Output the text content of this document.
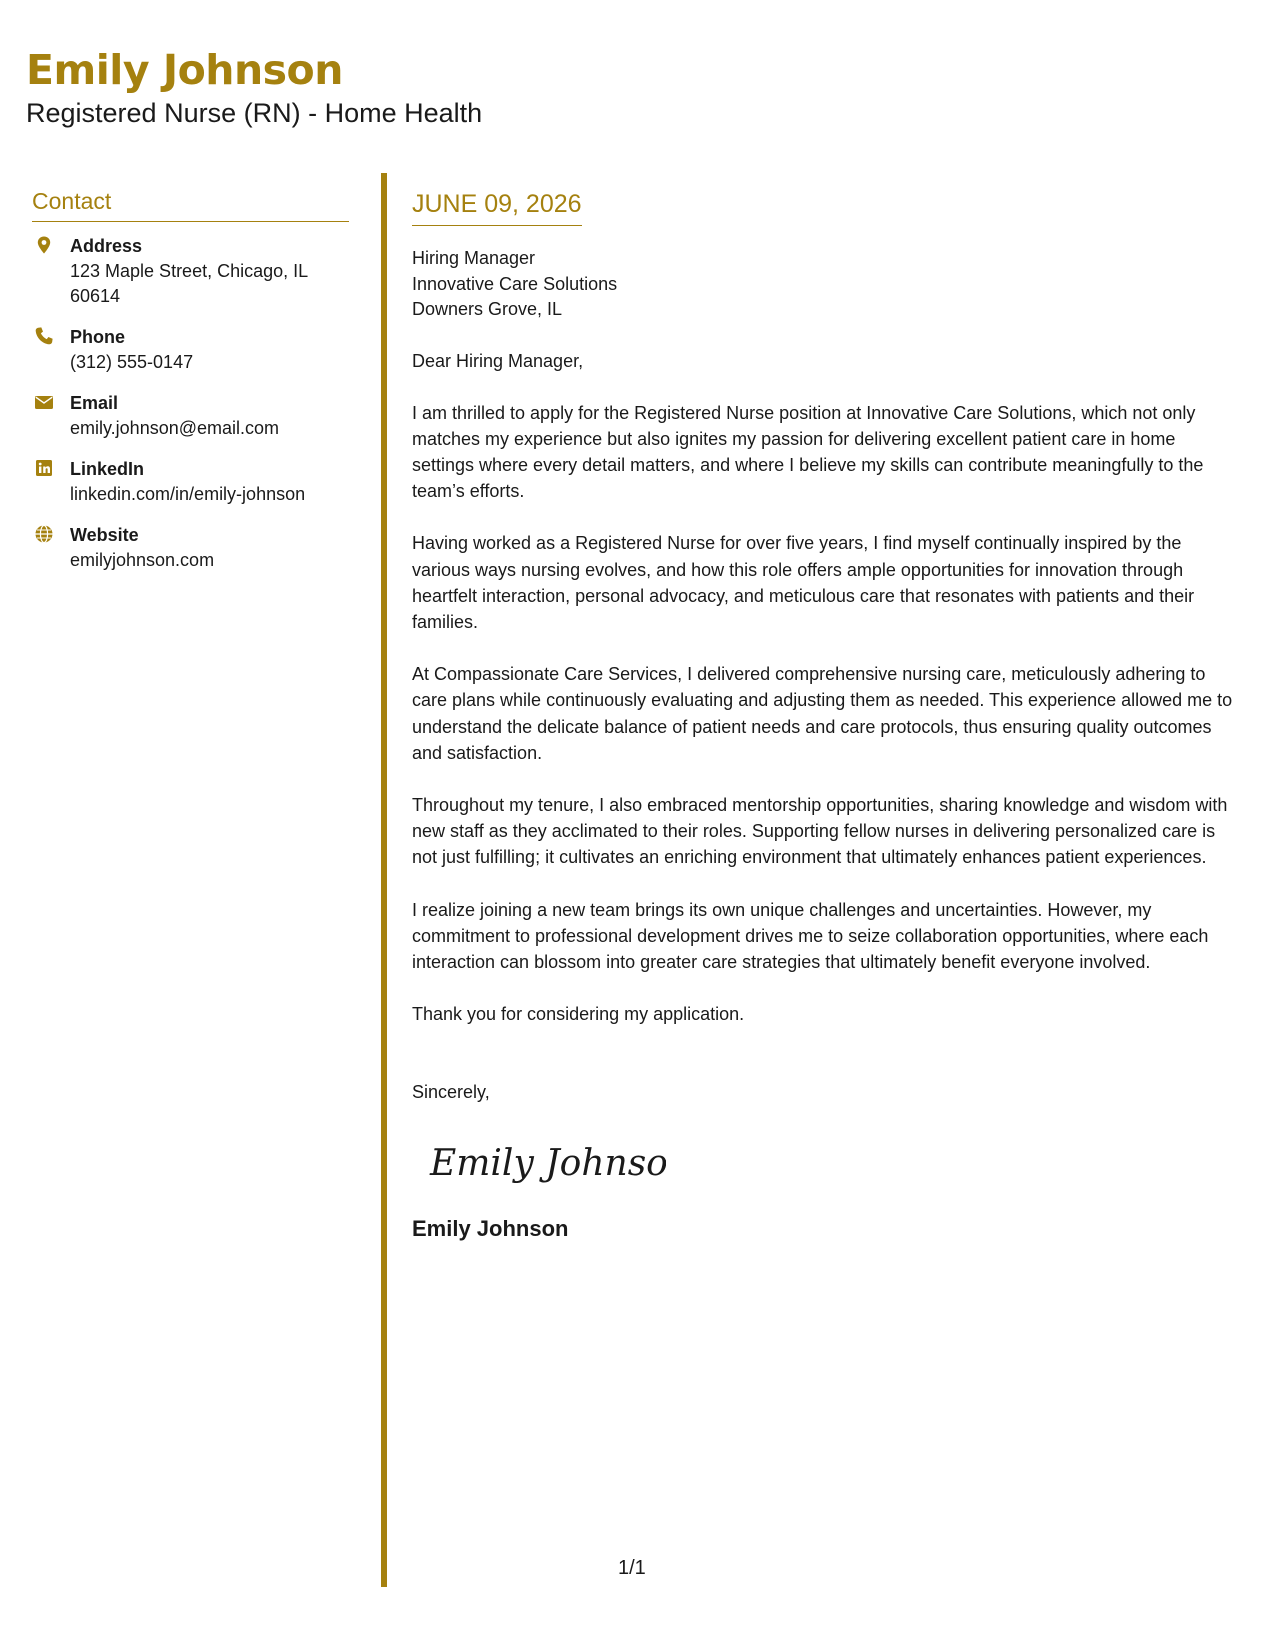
Emily Johnson
Registered Nurse (RN) - Home Health
Contact
Address
123 Maple Street, Chicago, IL 60614
Phone
(312) 555-0147
Email
emily.johnson@email.com
LinkedIn
linkedin.com/in/emily-johnson
Website
emilyjohnson.com
JUNE 09, 2026
Hiring Manager
Innovative Care Solutions
Downers Grove, IL
Dear Hiring Manager,
I am thrilled to apply for the Registered Nurse position at Innovative Care Solutions, which not only matches my experience but also ignites my passion for delivering excellent patient care in home settings where every detail matters, and where I believe my skills can contribute meaningfully to the team’s efforts.
Having worked as a Registered Nurse for over five years, I find myself continually inspired by the various ways nursing evolves, and how this role offers ample opportunities for innovation through heartfelt interaction, personal advocacy, and meticulous care that resonates with patients and their families.
At Compassionate Care Services, I delivered comprehensive nursing care, meticulously adhering to care plans while continuously evaluating and adjusting them as needed. This experience allowed me to understand the delicate balance of patient needs and care protocols, thus ensuring quality outcomes and satisfaction.
Throughout my tenure, I also embraced mentorship opportunities, sharing knowledge and wisdom with new staff as they acclimated to their roles. Supporting fellow nurses in delivering personalized care is not just fulfilling; it cultivates an enriching environment that ultimately enhances patient experiences.
I realize joining a new team brings its own unique challenges and uncertainties. However, my commitment to professional development drives me to seize collaboration opportunities, where each interaction can blossom into greater care strategies that ultimately benefit everyone involved.
Thank you for considering my application.
Sincerely,
Emily Johnson
Emily Johnson
1/1
